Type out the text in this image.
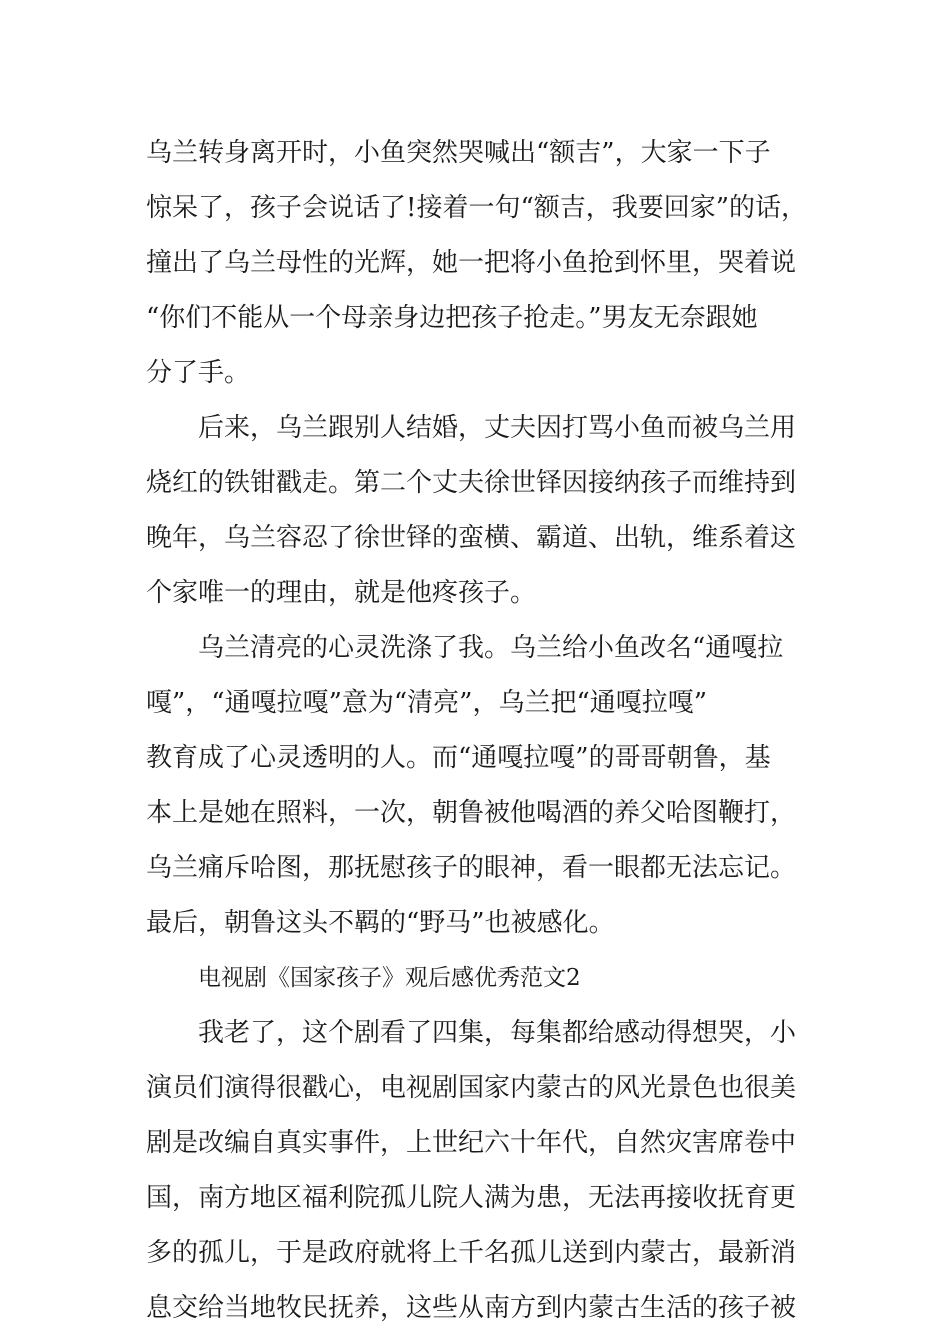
乌兰转身离开时，小鱼突然哭喊出“额吉”，大家一下子
惊呆了，孩子会说话了!接着一句“额吉，我要回家”的话，
撞出了乌兰母性的光辉，她一把将小鱼抢到怀里，哭着说
“你们不能从一个母亲身边把孩子抢走。”男友无奈跟她
分了手。
后来，乌兰跟别人结婚，丈夫因打骂小鱼而被乌兰用
烧红的铁钳戳走。第二个丈夫徐世铎因接纳孩子而维持到
晚年，乌兰容忍了徐世铎的蛮横、霸道、出轨，维系着这
个家唯一的理由，就是他疼孩子。
乌兰清亮的心灵洗涤了我。乌兰给小鱼改名“通嘎拉
嘎”，“通嘎拉嘎”意为“清亮”，乌兰把“通嘎拉嘎”
教育成了心灵透明的人。而“通嘎拉嘎”的哥哥朝鲁，基
本上是她在照料，一次，朝鲁被他喝酒的养父哈图鞭打，
乌兰痛斥哈图，那抚慰孩子的眼神，看一眼都无法忘记。
最后，朝鲁这头不羁的“野马”也被感化。
电视剧《国家孩子》观后感优秀范文2
我老了，这个剧看了四集，每集都给感动得想哭，小
演员们演得很戳心，电视剧国家内蒙古的风光景色也很美
剧是改编自真实事件，上世纪六十年代，自然灾害席卷中
国，南方地区福利院孤儿院人满为患，无法再接收抚育更
多的孤儿，于是政府就将上千名孤儿送到内蒙古，最新消
息交给当地牧民抚养，这些从南方到内蒙古生活的孩子被
